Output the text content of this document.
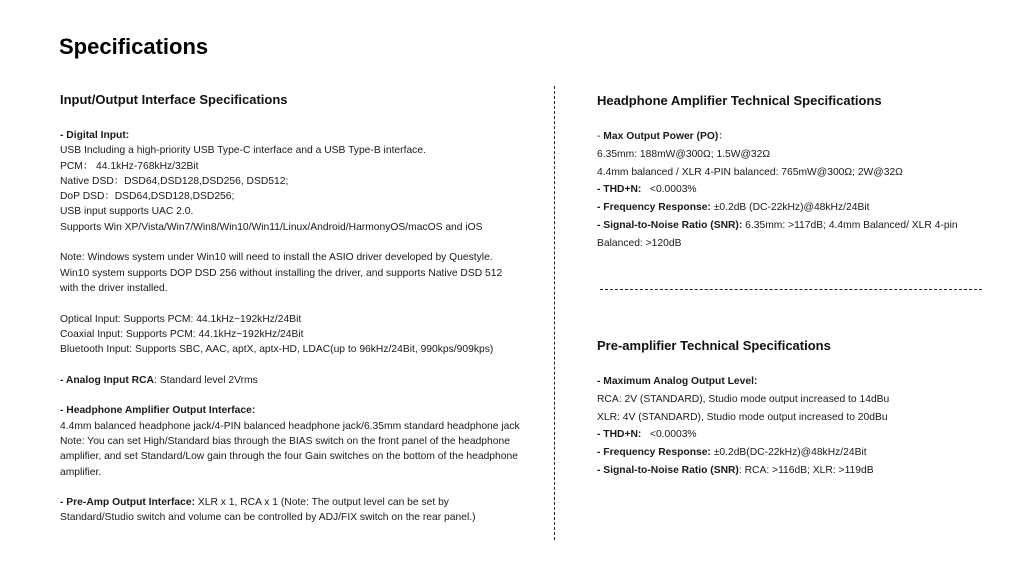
Specifications
Input/Output Interface Specifications
- Digital Input:
USB Including a high-priority USB Type-C interface and a USB Type-B interface.
PCM： 44.1kHz-768kHz/32Bit
Native DSD：DSD64,DSD128,DSD256, DSD512;
DoP DSD：DSD64,DSD128,DSD256;
USB input supports UAC 2.0.
Supports Win XP/Vista/Win7/Win8/Win10/Win11/Linux/Android/HarmonyOS/macOS and iOS
Note: Windows system under Win10 will need to install the ASIO driver developed by Questyle.
Win10 system supports DOP DSD 256 without installing the driver, and supports Native DSD 512
with the driver installed.
Optical Input: Supports PCM: 44.1kHz~192kHz/24Bit
Coaxial Input: Supports PCM: 44.1kHz~192kHz/24Bit
Bluetooth Input: Supports SBC, AAC, aptX, aptx-HD, LDAC(up to 96kHz/24Bit, 990kps/909kps)
- Analog Input RCA: Standard level 2Vrms
- Headphone Amplifier Output Interface:
4.4mm balanced headphone jack/4-PIN balanced headphone jack/6.35mm standard headphone jack
Note: You can set High/Standard bias through the BIAS switch on the front panel of the headphone
amplifier, and set Standard/Low gain through the four Gain switches on the bottom of the headphone
amplifier.
- Pre-Amp Output Interface: XLR x 1, RCA x 1 (Note: The output level can be set by
Standard/Studio switch and volume can be controlled by ADJ/FIX switch on the rear panel.)
Headphone Amplifier Technical Specifications
- Max Output Power (PO)：
6.35mm: 188mW@300Ω; 1.5W@32Ω
4.4mm balanced / XLR 4-PIN balanced: 765mW@300Ω; 2W@32Ω
- THD+N:   <0.0003%
- Frequency Response: ±0.2dB (DC-22kHz)@48kHz/24Bit
- Signal-to-Noise Ratio (SNR): 6.35mm: >117dB; 4.4mm Balanced/ XLR 4-pin
Balanced: >120dB
Pre-amplifier Technical Specifications
- Maximum Analog Output Level:
RCA: 2V (STANDARD), Studio mode output increased to 14dBu
XLR: 4V (STANDARD), Studio mode output increased to 20dBu
- THD+N:   <0.0003%
- Frequency Response: ±0.2dB(DC-22kHz)@48kHz/24Bit
- Signal-to-Noise Ratio (SNR): RCA: >116dB; XLR: >119dB
